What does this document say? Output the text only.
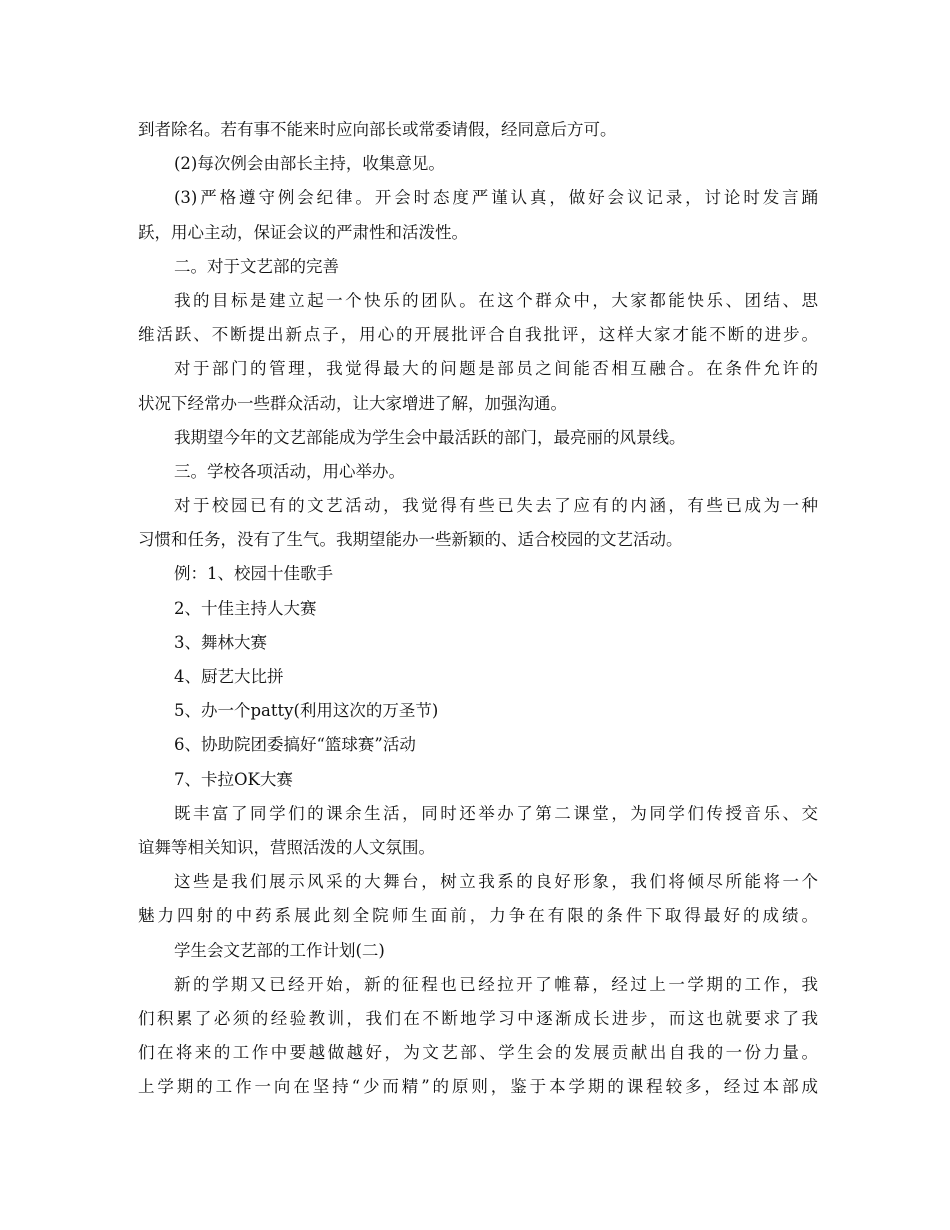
到者除名。若有事不能来时应向部长或常委请假，经同意后方可。
(2)每次例会由部长主持，收集意见。
(3)严格遵守例会纪律。开会时态度严谨认真，做好会议记录，讨论时发言踊
跃，用心主动，保证会议的严肃性和活泼性。
二。对于文艺部的完善
我的目标是建立起一个快乐的团队。在这个群众中，大家都能快乐、团结、思
维活跃、不断提出新点子，用心的开展批评合自我批评，这样大家才能不断的进步。
对于部门的管理，我觉得最大的问题是部员之间能否相互融合。在条件允许的
状况下经常办一些群众活动，让大家增进了解，加强沟通。
我期望今年的文艺部能成为学生会中最活跃的部门，最亮丽的风景线。
三。学校各项活动，用心举办。
对于校园已有的文艺活动，我觉得有些已失去了应有的内涵，有些已成为一种
习惯和任务，没有了生气。我期望能办一些新颖的、适合校园的文艺活动。
例：1、校园十佳歌手
2、十佳主持人大赛
3、舞林大赛
4、厨艺大比拼
5、办一个patty(利用这次的万圣节)
6、协助院团委搞好“篮球赛”活动
7、卡拉OK大赛
既丰富了同学们的课余生活，同时还举办了第二课堂，为同学们传授音乐、交
谊舞等相关知识，营照活泼的人文氛围。
这些是我们展示风采的大舞台，树立我系的良好形象，我们将倾尽所能将一个
魅力四射的中药系展此刻全院师生面前，力争在有限的条件下取得最好的成绩。
学生会文艺部的工作计划(二)
新的学期又已经开始，新的征程也已经拉开了帷幕，经过上一学期的工作，我
们积累了必须的经验教训，我们在不断地学习中逐渐成长进步，而这也就要求了我
们在将来的工作中要越做越好，为文艺部、学生会的发展贡献出自我的一份力量。
上学期的工作一向在坚持“少而精”的原则，鉴于本学期的课程较多，经过本部成
